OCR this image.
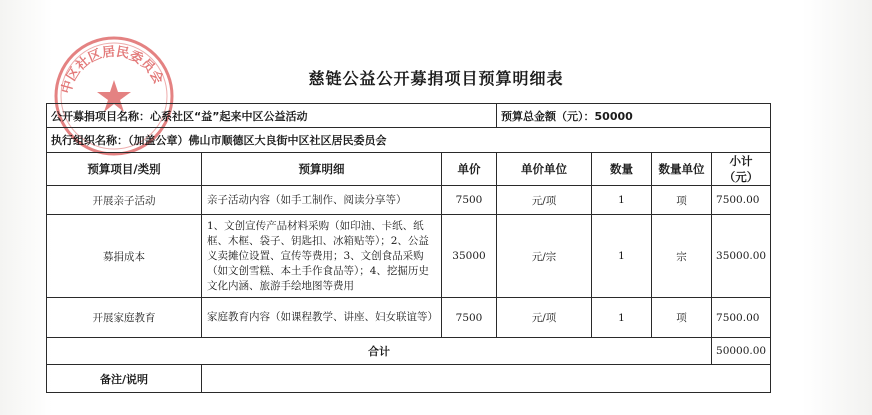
中区社区居民委员会	慈链公益公开募捐项目预算明细表
公开募捐项目名称：心系社区“益”起来中区公益活动			预算总金额（元）：50000			
执行组织名称：（加盖公章）佛山市顺德区大良街中区社区居民委员会						
预算项目/类别	预算明细	单价	单价单位	数量	数量单位	小计（元）
开展亲子活动	亲子活动内容（如手工制作、阅读分享等）	7500	元/项	1	项	7500.00
募捐成本	1、文创宣传产品材料采购（如印油、卡纸、纸框、木框、袋子、钥匙扣、冰箱贴等）；2、公益义卖摊位设置、宣传等费用；3、文创食品采购（如文创雪糕、本土手作食品等）；4、挖掘历史文化内涵、旅游手绘地图等费用	35000	元/宗	1	宗	35000.00
开展家庭教育	家庭教育内容（如课程教学、讲座、妇女联谊等）	7500	元/项	1	项	7500.00
合计						50000.00
备注/说明						
